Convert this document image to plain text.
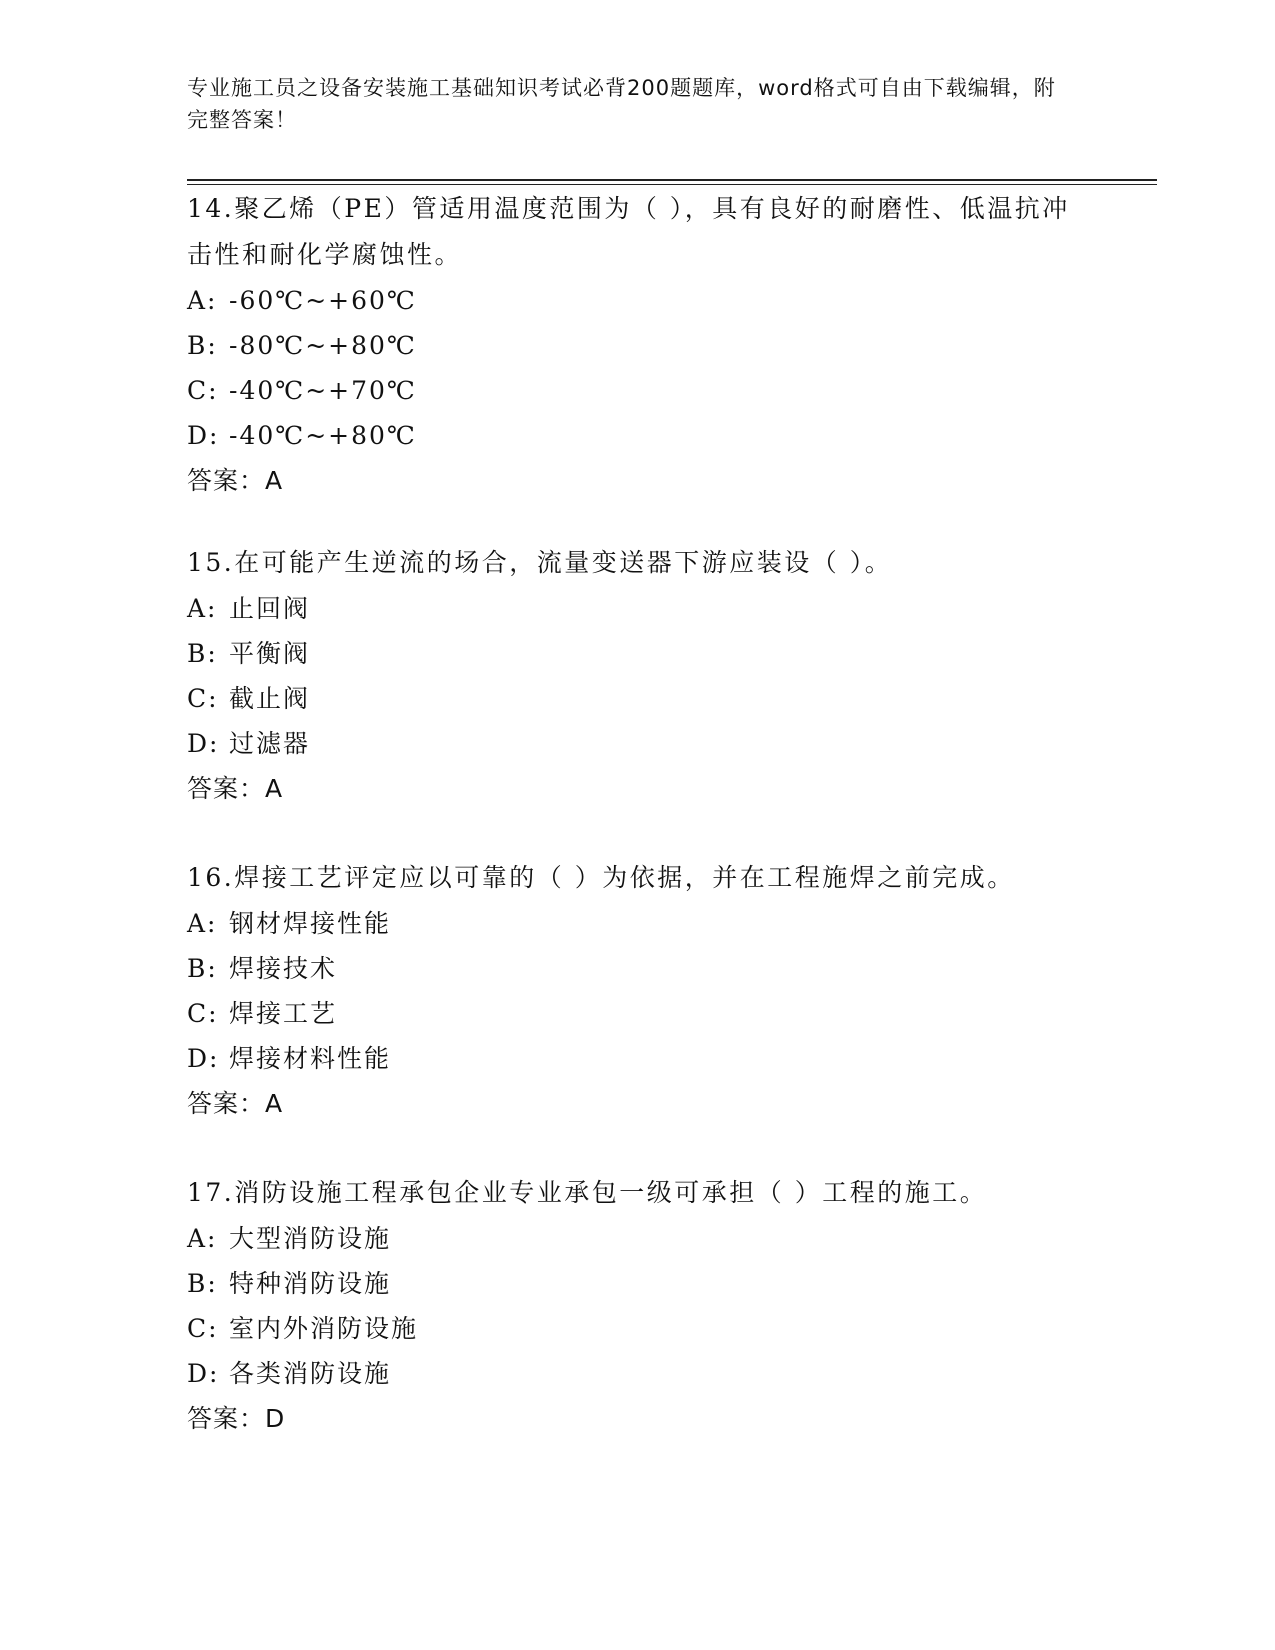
专业施工员之设备安装施工基础知识考试必背200题题库，word格式可自由下载编辑，附完整答案！

14.聚乙烯（PE）管适用温度范围为（ ），具有良好的耐磨性、低温抗冲击性和耐化学腐蚀性。

A: -60℃~+60℃
B: -80℃~+80℃
C: -40℃~+70℃
D: -40℃~+80℃
答案：A

15.在可能产生逆流的场合，流量变送器下游应装设（ ）。

A: 止回阀
B: 平衡阀
C: 截止阀
D: 过滤器
答案：A

16.焊接工艺评定应以可靠的（ ）为依据，并在工程施焊之前完成。

A: 钢材焊接性能
B: 焊接技术
C: 焊接工艺
D: 焊接材料性能
答案：A

17.消防设施工程承包企业专业承包一级可承担（ ）工程的施工。

A: 大型消防设施
B: 特种消防设施
C: 室内外消防设施
D: 各类消防设施
答案：D
